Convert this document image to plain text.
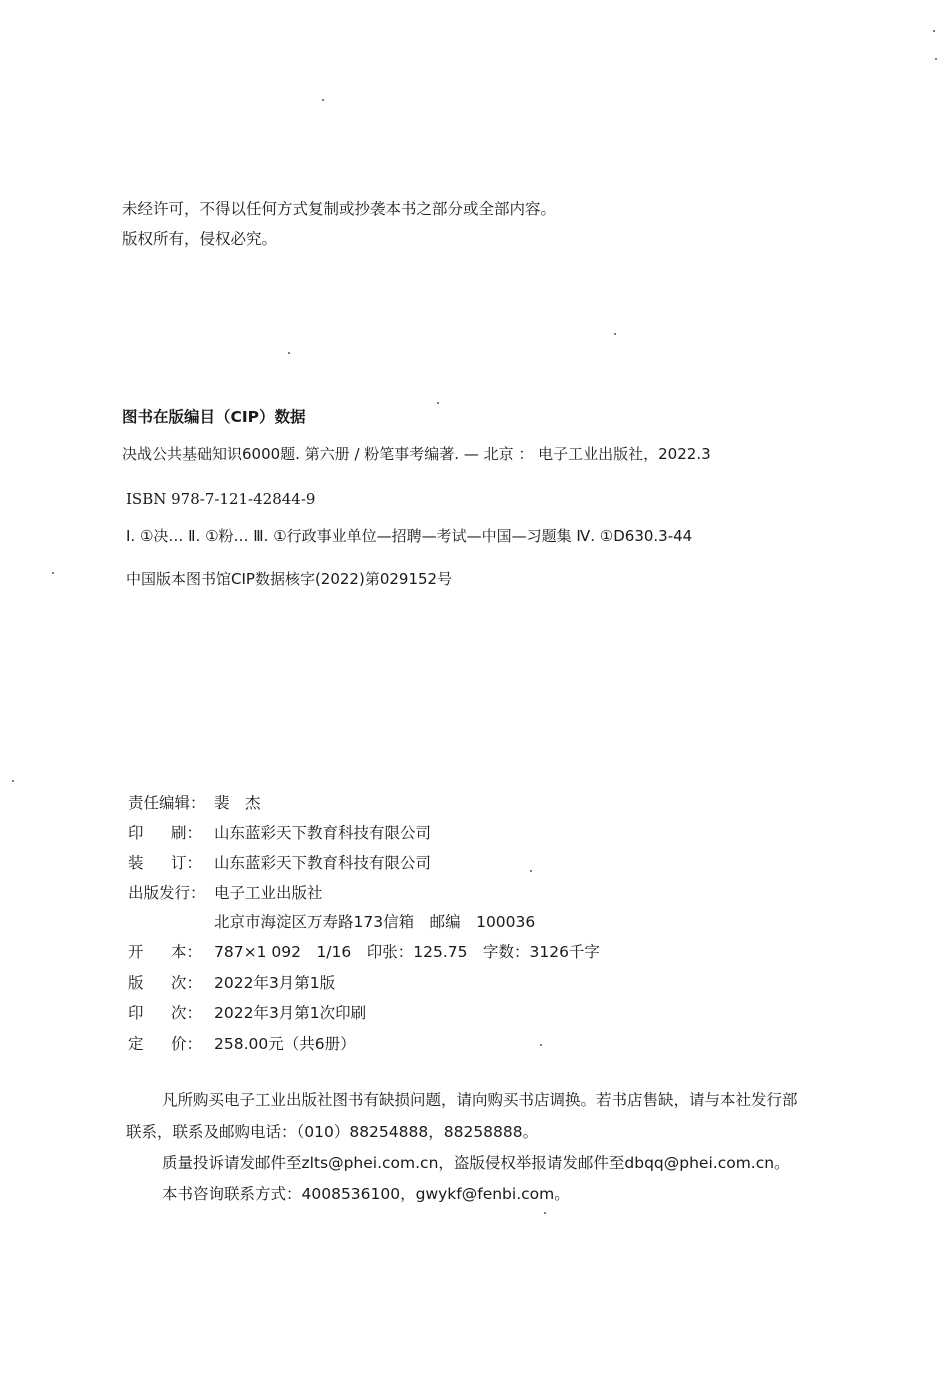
未经许可，不得以任何方式复制或抄袭本书之部分或全部内容。
版权所有，侵权必究。
图书在版编目（CIP）数据
决战公共基础知识6000题. 第六册 / 粉笔事考编著. — 北京 ： 电子工业出版社，2022.3
ISBN 978-7-121-42844-9
Ⅰ. ①决… Ⅱ. ①粉… Ⅲ. ①行政事业单位—招聘—考试—中国—习题集 Ⅳ. ①D630.3-44
中国版本图书馆CIP数据核字(2022)第029152号
责任编辑： 裴　杰
印 刷： 山东蓝彩天下教育科技有限公司
装 订： 山东蓝彩天下教育科技有限公司
出版发行： 电子工业出版社
北京市海淀区万寿路173信箱　邮编　100036
开 本： 787×1 092　1/16　印张：125.75　字数：3126千字
版 次： 2022年3月第1版
印 次： 2022年3月第1次印刷
定 价： 258.00元（共6册）
凡所购买电子工业出版社图书有缺损问题，请向购买书店调换。若书店售缺，请与本社发行部
联系，联系及邮购电话：（010）88254888，88258888。
质量投诉请发邮件至zlts@phei.com.cn，盗版侵权举报请发邮件至dbqq@phei.com.cn。
本书咨询联系方式：4008536100，gwykf@fenbi.com。
